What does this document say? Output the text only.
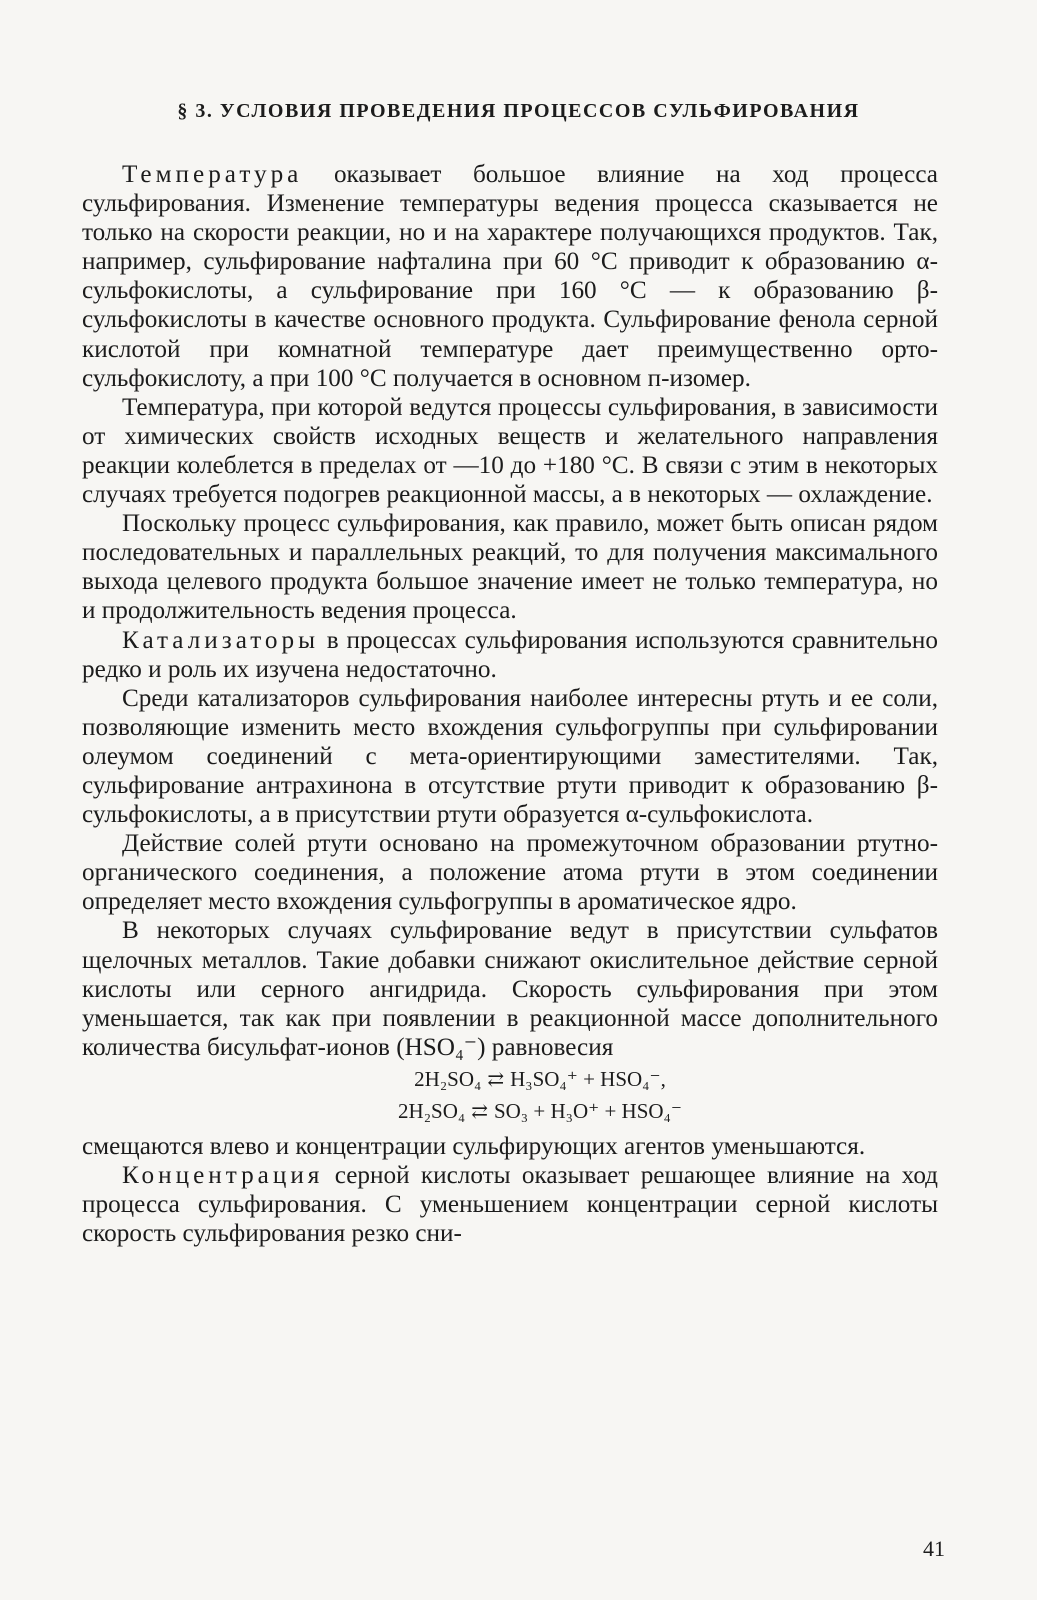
§ 3. УСЛОВИЯ ПРОВЕДЕНИЯ ПРОЦЕССОВ СУЛЬФИРОВАНИЯ

Температура оказывает большое влияние на ход процесса сульфирования. Изменение температуры ведения процесса сказывается не только на скорости реакции, но и на характере получающихся продуктов. Так, например, сульфирование нафталина при 60 °С приводит к образованию α-сульфокислоты, а сульфирование при 160 °С — к образованию β-сульфокислоты в качестве основного продукта. Сульфирование фенола серной кислотой при комнатной температуре дает преимущественно орто-сульфокислоту, а при 100 °С получается в основном п-изомер.

Температура, при которой ведутся процессы сульфирования, в зависимости от химических свойств исходных веществ и желательного направления реакции колеблется в пределах от —10 до +180 °С. В связи с этим в некоторых случаях требуется подогрев реакционной массы, а в некоторых — охлаждение.

Поскольку процесс сульфирования, как правило, может быть описан рядом последовательных и параллельных реакций, то для получения максимального выхода целевого продукта большое значение имеет не только температура, но и продолжительность ведения процесса.

Катализаторы в процессах сульфирования используются сравнительно редко и роль их изучена недостаточно.

Среди катализаторов сульфирования наиболее интересны ртуть и ее соли, позволяющие изменить место вхождения сульфогруппы при сульфировании олеумом соединений с мета-ориентирующими заместителями. Так, сульфирование антрахинона в отсутствие ртути приводит к образованию β-сульфокислоты, а в присутствии ртути образуется α-сульфокислота.

Действие солей ртути основано на промежуточном образовании ртутно-органического соединения, а положение атома ртути в этом соединении определяет место вхождения сульфогруппы в ароматическое ядро.

В некоторых случаях сульфирование ведут в присутствии сульфатов щелочных металлов. Такие добавки снижают окислительное действие серной кислоты или серного ангидрида. Скорость сульфирования при этом уменьшается, так как при появлении в реакционной массе дополнительного количества бисульфат-ионов (HSO₄⁻) равновесия

2H₂SO₄ ⇄ H₃SO₄⁺ + HSO₄⁻,
2H₂SO₄ ⇄ SO₃ + H₃O⁺ + HSO₄⁻

смещаются влево и концентрации сульфирующих агентов уменьшаются.

Концентрация серной кислоты оказывает решающее влияние на ход процесса сульфирования. С уменьшением концентрации серной кислоты скорость сульфирования резко сни-

41
